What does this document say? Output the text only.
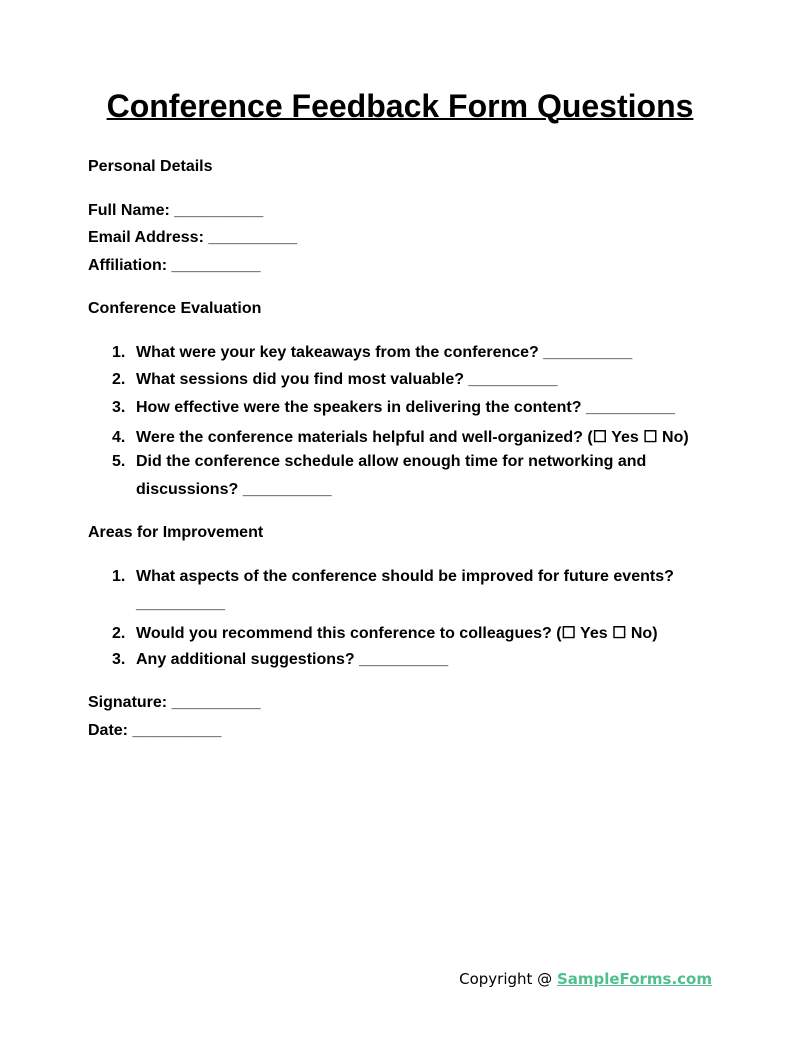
Conference Feedback Form Questions

Personal Details

Full Name: __________

Email Address: __________

Affiliation: __________

Conference Evaluation

1. What were your key takeaways from the conference? __________
2. What sessions did you find most valuable? __________
3. How effective were the speakers in delivering the content? __________
4. Were the conference materials helpful and well-organized? (☐ Yes ☐ No)
5. Did the conference schedule allow enough time for networking and
discussions? __________

Areas for Improvement

1. What aspects of the conference should be improved for future events?
__________
2. Would you recommend this conference to colleagues? (☐ Yes ☐ No)
3. Any additional suggestions? __________

Signature: __________

Date: __________

Copyright @ SampleForms.com
